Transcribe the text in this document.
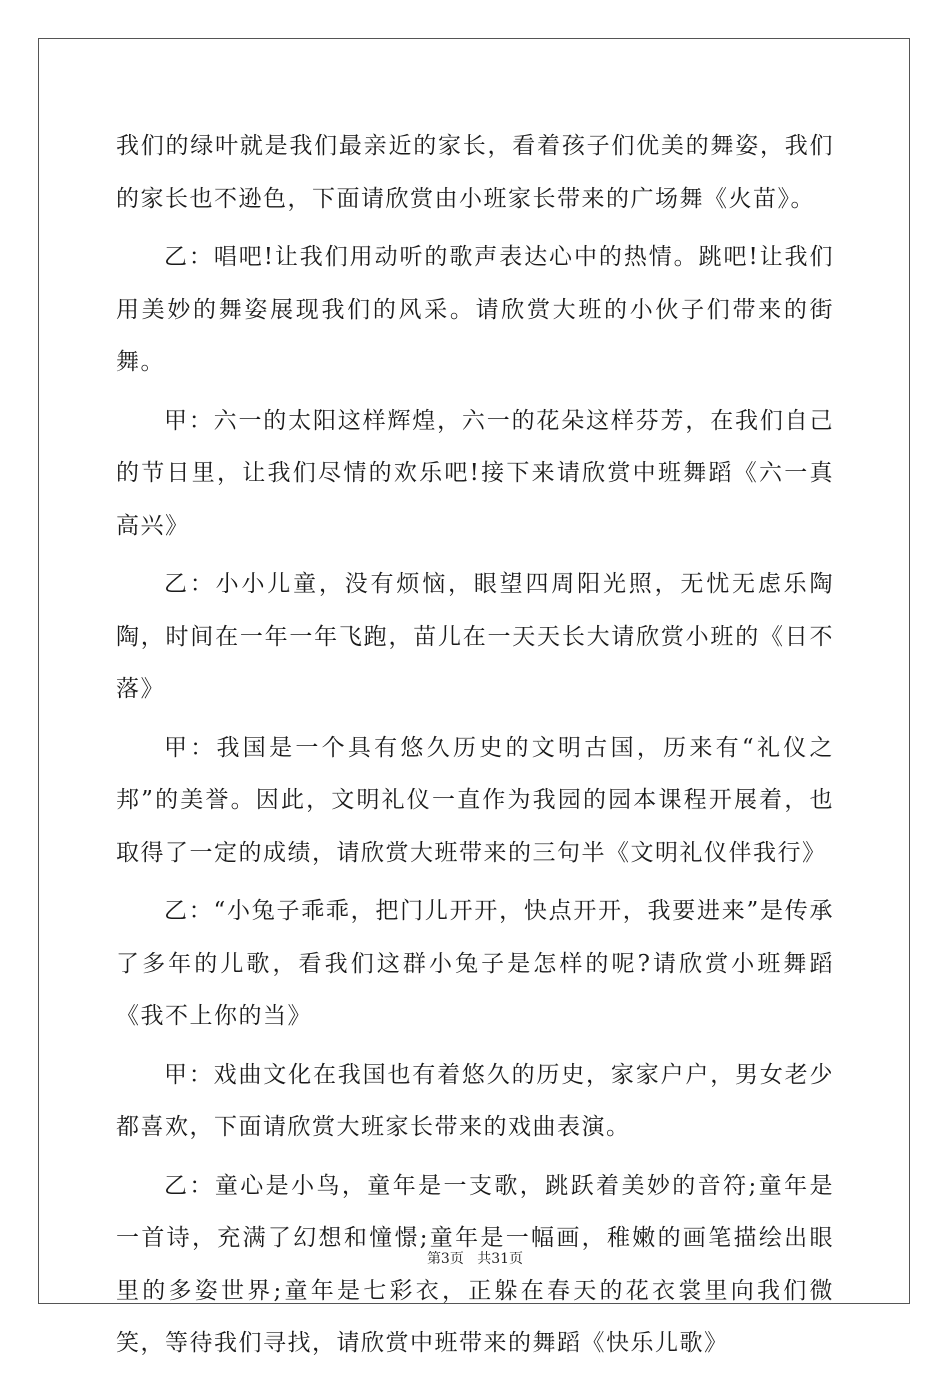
我们的绿叶就是我们最亲近的家长，看着孩子们优美的舞姿，我们的家长也不逊色，下面请欣赏由小班家长带来的广场舞《火苗》。

乙：唱吧!让我们用动听的歌声表达心中的热情。跳吧!让我们用美妙的舞姿展现我们的风采。请欣赏大班的小伙子们带来的街舞。

甲：六一的太阳这样辉煌，六一的花朵这样芬芳，在我们自己的节日里，让我们尽情的欢乐吧!接下来请欣赏中班舞蹈《六一真高兴》

乙：小小儿童，没有烦恼，眼望四周阳光照，无忧无虑乐陶陶，时间在一年一年飞跑，苗儿在一天天长大请欣赏小班的《日不落》

甲：我国是一个具有悠久历史的文明古国，历来有“礼仪之邦”的美誉。因此，文明礼仪一直作为我园的园本课程开展着，也取得了一定的成绩，请欣赏大班带来的三句半《文明礼仪伴我行》

乙：“小兔子乖乖，把门儿开开，快点开开，我要进来”是传承了多年的儿歌，看我们这群小兔子是怎样的呢?请欣赏小班舞蹈《我不上你的当》

甲：戏曲文化在我国也有着悠久的历史，家家户户，男女老少都喜欢，下面请欣赏大班家长带来的戏曲表演。

乙：童心是小鸟，童年是一支歌，跳跃着美妙的音符;童年是一首诗，充满了幻想和憧憬;童年是一幅画，稚嫩的画笔描绘出眼里的多姿世界;童年是七彩衣，正躲在春天的花衣裳里向我们微笑，等待我们寻找，请欣赏中班带来的舞蹈《快乐儿歌》

第3页 共31页
